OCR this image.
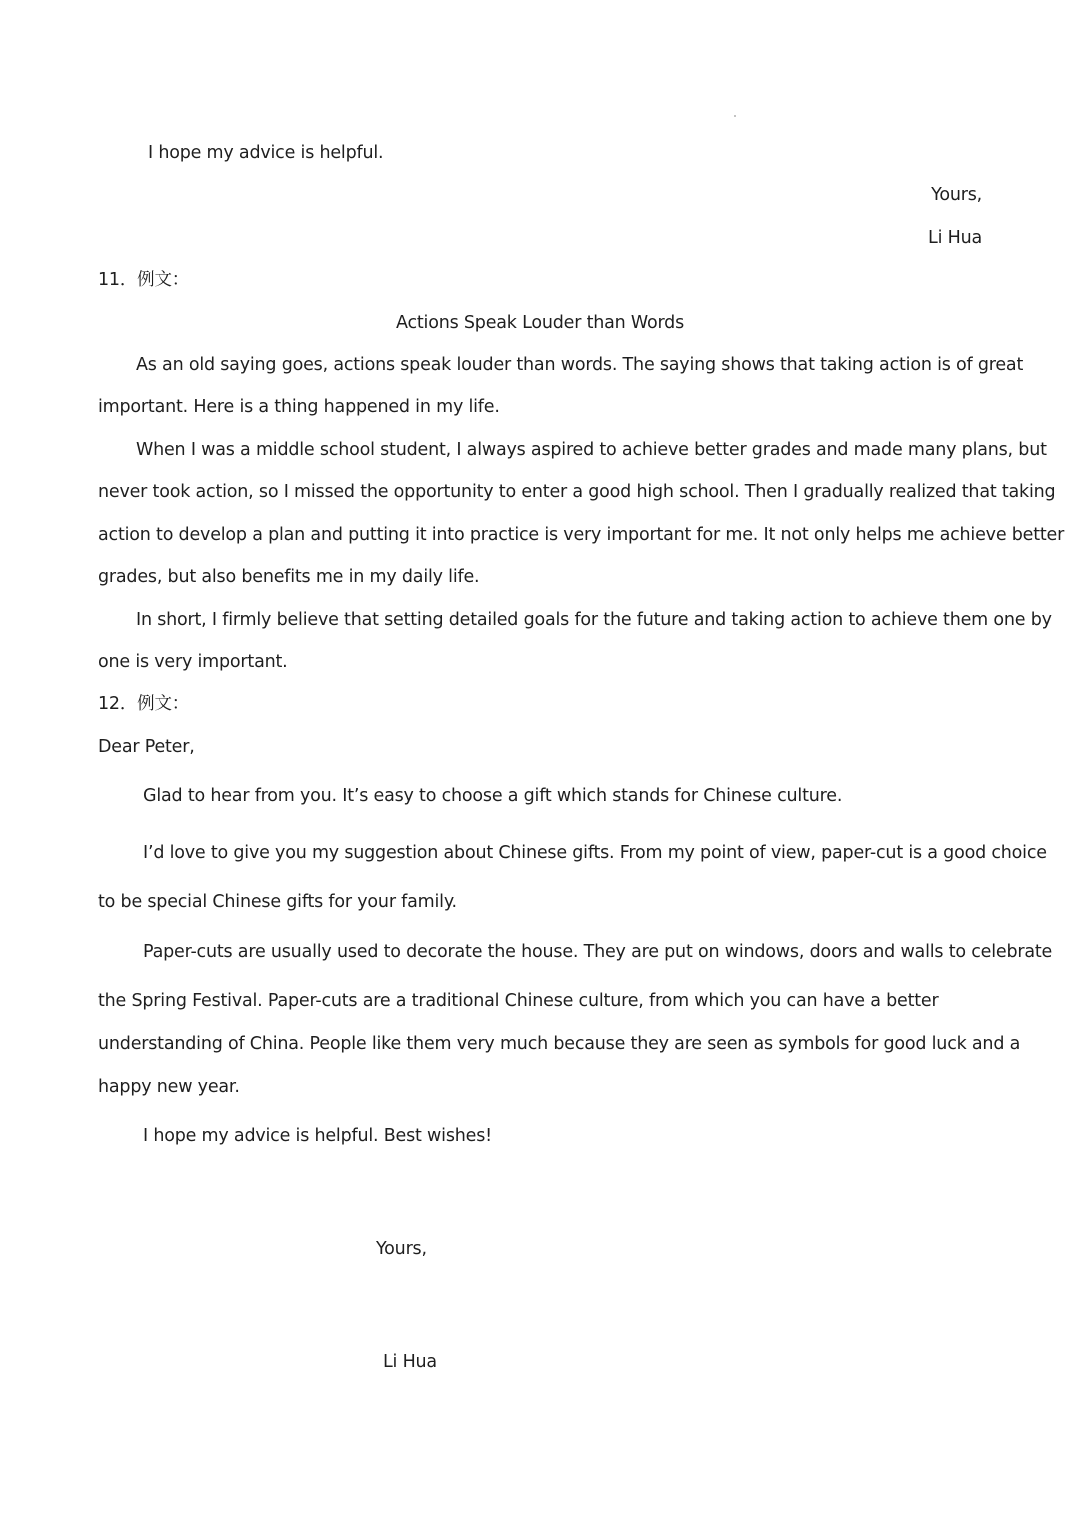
I hope my advice is helpful.
Yours,
Li Hua
11．例文：
Actions Speak Louder than Words
As an old saying goes, actions speak louder than words. The saying shows that taking action is of great
important. Here is a thing happened in my life.
When I was a middle school student, I always aspired to achieve better grades and made many plans, but
never took action, so I missed the opportunity to enter a good high school. Then I gradually realized that taking
action to develop a plan and putting it into practice is very important for me. It not only helps me achieve better
grades, but also benefits me in my daily life.
In short, I firmly believe that setting detailed goals for the future and taking action to achieve them one by
one is very important.
12．例文：
Dear Peter,
Glad to hear from you. It’s easy to choose a gift which stands for Chinese culture.
I’d love to give you my suggestion about Chinese gifts. From my point of view, paper-cut is a good choice
to be special Chinese gifts for your family.
Paper-cuts are usually used to decorate the house. They are put on windows, doors and walls to celebrate
the Spring Festival. Paper-cuts are a traditional Chinese culture, from which you can have a better
understanding of China. People like them very much because they are seen as symbols for good luck and a
happy new year.
I hope my advice is helpful. Best wishes!
Yours,
Li Hua
